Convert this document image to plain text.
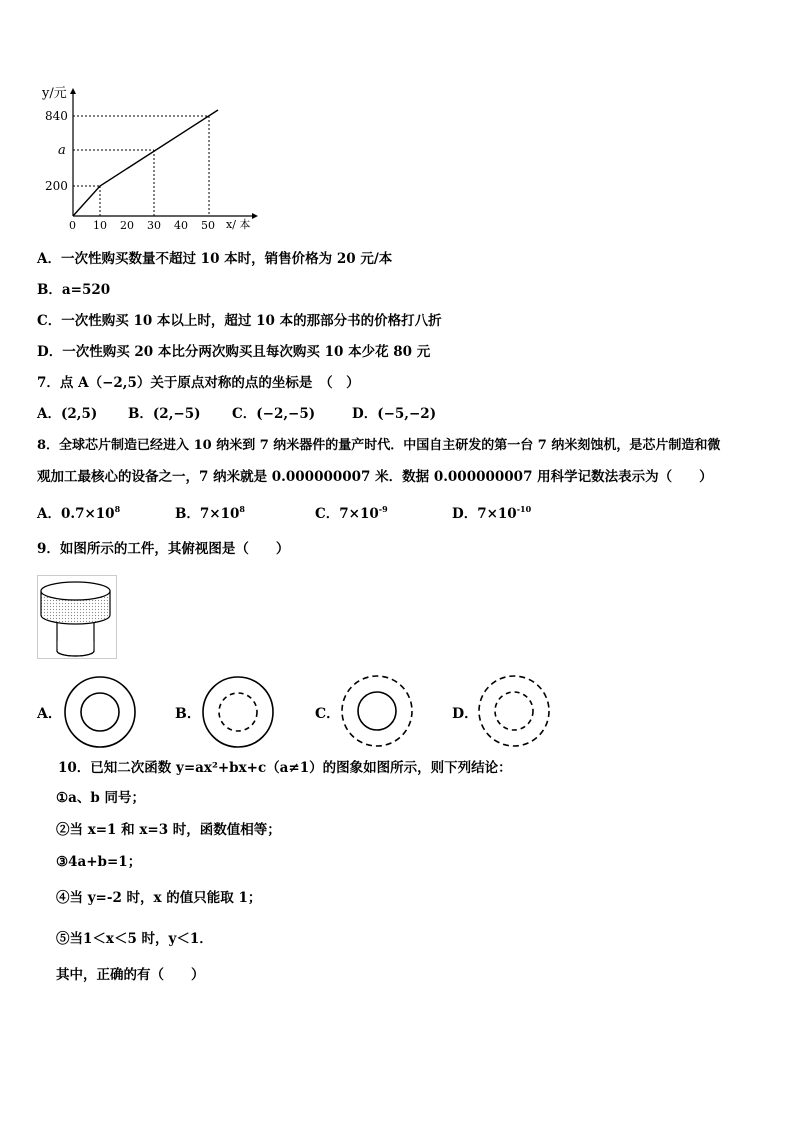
y/元
x/ 本
840
a
200
0 10 20 30 40 50
A．一次性购买数量不超过 10 本时，销售价格为 20 元/本
B．a=520
C．一次性购买 10 本以上时，超过 10 本的那部分书的价格打八折
D．一次性购买 20 本比分两次购买且每次购买 10 本少花 80 元
7．点 A（−2,5）关于原点对称的点的坐标是　（　）
A．(2,5) B．(2,−5) C．(−2,−5)	D．(−5,−2)
8．全球芯片制造已经进入 10 纳米到 7 纳米器件的量产时代．中国自主研发的第一台 7 纳米刻蚀机，是芯片制造和微
观加工最核心的设备之一，7 纳米就是 0.000000007 米．数据 0.000000007 用科学记数法表示为（　　）
A．$0.7\times 10^8$	B．$7\times 10^8$	C．$7\times 10^{-9}$	D．$7\times 10^{-10}$
9．如图所示的工件，其俯视图是（　　）
A．	B．	C．	D．
10．已知二次函数 y=ax²+bx+c（a≠1）的图象如图所示，则下列结论：
①a、b 同号；
②当 x=1 和 x=3 时，函数值相等；
③4a+b=1；
④当 y=-2 时，x 的值只能取 1；
⑤当1＜x＜5 时，y＜1．
其中，正确的有（　　）
